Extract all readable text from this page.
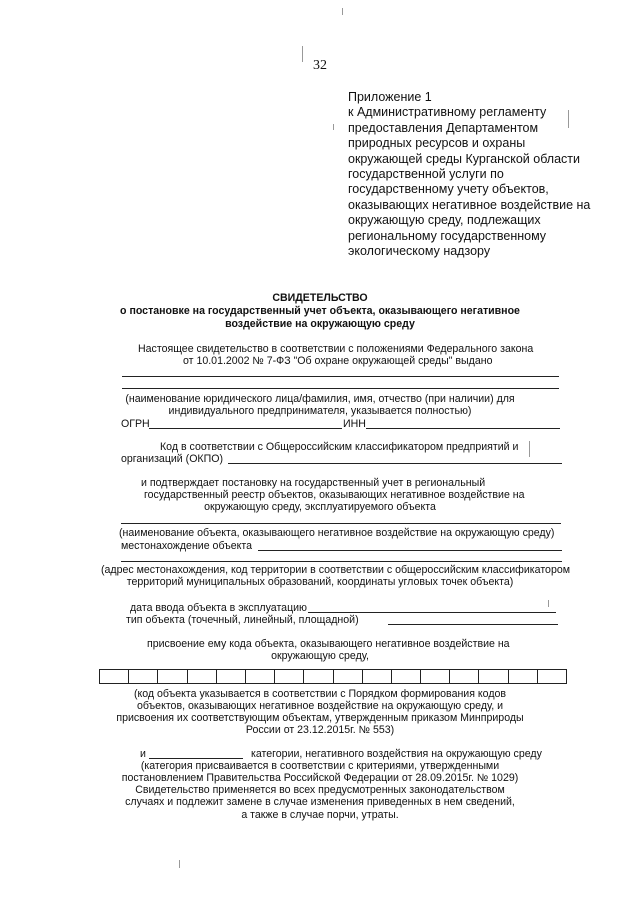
32
Приложение 1
к Административному регламенту
предоставления Департаментом
природных ресурсов и охраны
окружающей среды Курганской области
государственной услуги по
государственному учету объектов,
оказывающих негативное воздействие на
окружающую среду, подлежащих
региональному государственному
экологическому надзору
СВИДЕТЕЛЬСТВО
о постановке на государственный учет объекта, оказывающего негативное
воздействие на окружающую среду
Настоящее свидетельство в соответствии с положениями Федерального закона
от 10.01.2002 № 7-ФЗ "Об охране окружающей среды" выдано
(наименование юридического лица/фамилия, имя, отчество (при наличии) для
индивидуального предпринимателя, указывается полностью)
ОГРН	ИНН
Код в соответствии с Общероссийским классификатором предприятий и
организаций (ОКПО)
и подтверждает постановку на государственный учет в региональный
государственный реестр объектов, оказывающих негативное воздействие на
окружающую среду, эксплуатируемого объекта
(наименование объекта, оказывающего негативное воздействие на окружающую среду)
местонахождение объекта
(адрес местонахождения, код территории в соответствии с общероссийским классификатором
территорий муниципальных образований, координаты угловых точек объекта)
дата ввода объекта в эксплуатацию
тип объекта (точечный, линейный, площадной)
присвоение ему кода объекта, оказывающего негативное воздействие на
окружающую среду,
(код объекта указывается в соответствии с Порядком формирования кодов
объектов, оказывающих негативное воздействие на окружающую среду, и
присвоения их соответствующим объектам, утвержденным приказом Минприроды
России от 23.12.2015г. № 553)
и	категории, негативного воздействия на окружающую среду
(категория присваивается в соответствии с критериями, утвержденными
постановлением Правительства Российской Федерации от 28.09.2015г. № 1029)
Свидетельство применяется во всех предусмотренных законодательством
случаях и подлежит замене в случае изменения приведенных в нем сведений,
а также в случае порчи, утраты.
